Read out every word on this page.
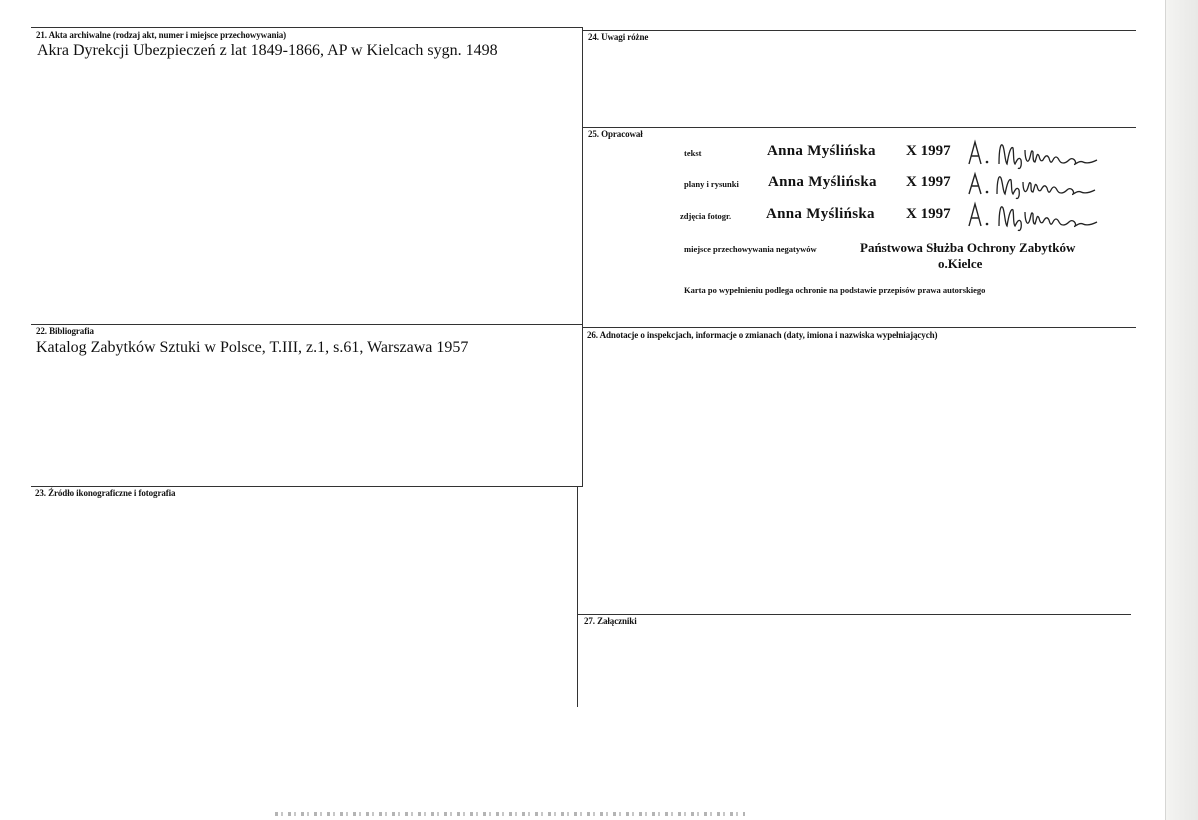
21. Akta archiwalne (rodzaj akt, numer i miejsce przechowywania)
Akra Dyrekcji Ubezpieczeń z lat 1849-1866, AP w Kielcach sygn. 1498
24. Uwagi różne
25. Opracował
tekst	Anna Myślińska X 1997
plany i rysunki Anna Myślińska X 1997
zdjęcia fotogr. Anna Myślińska X 1997
miejsce przechowywania negatywów	Państwowa Służba Ochrony Zabytków
o.Kielce
Karta po wypełnieniu podlega ochronie na podstawie przepisów prawa autorskiego
22. Bibliografia
Katalog Zabytków Sztuki w Polsce, T.III, z.1, s.61, Warszawa 1957
26. Adnotacje o inspekcjach, informacje o zmianach (daty, imiona i nazwiska wypełniających)
23. Źródło ikonograficzne i fotografia
27. Załączniki
